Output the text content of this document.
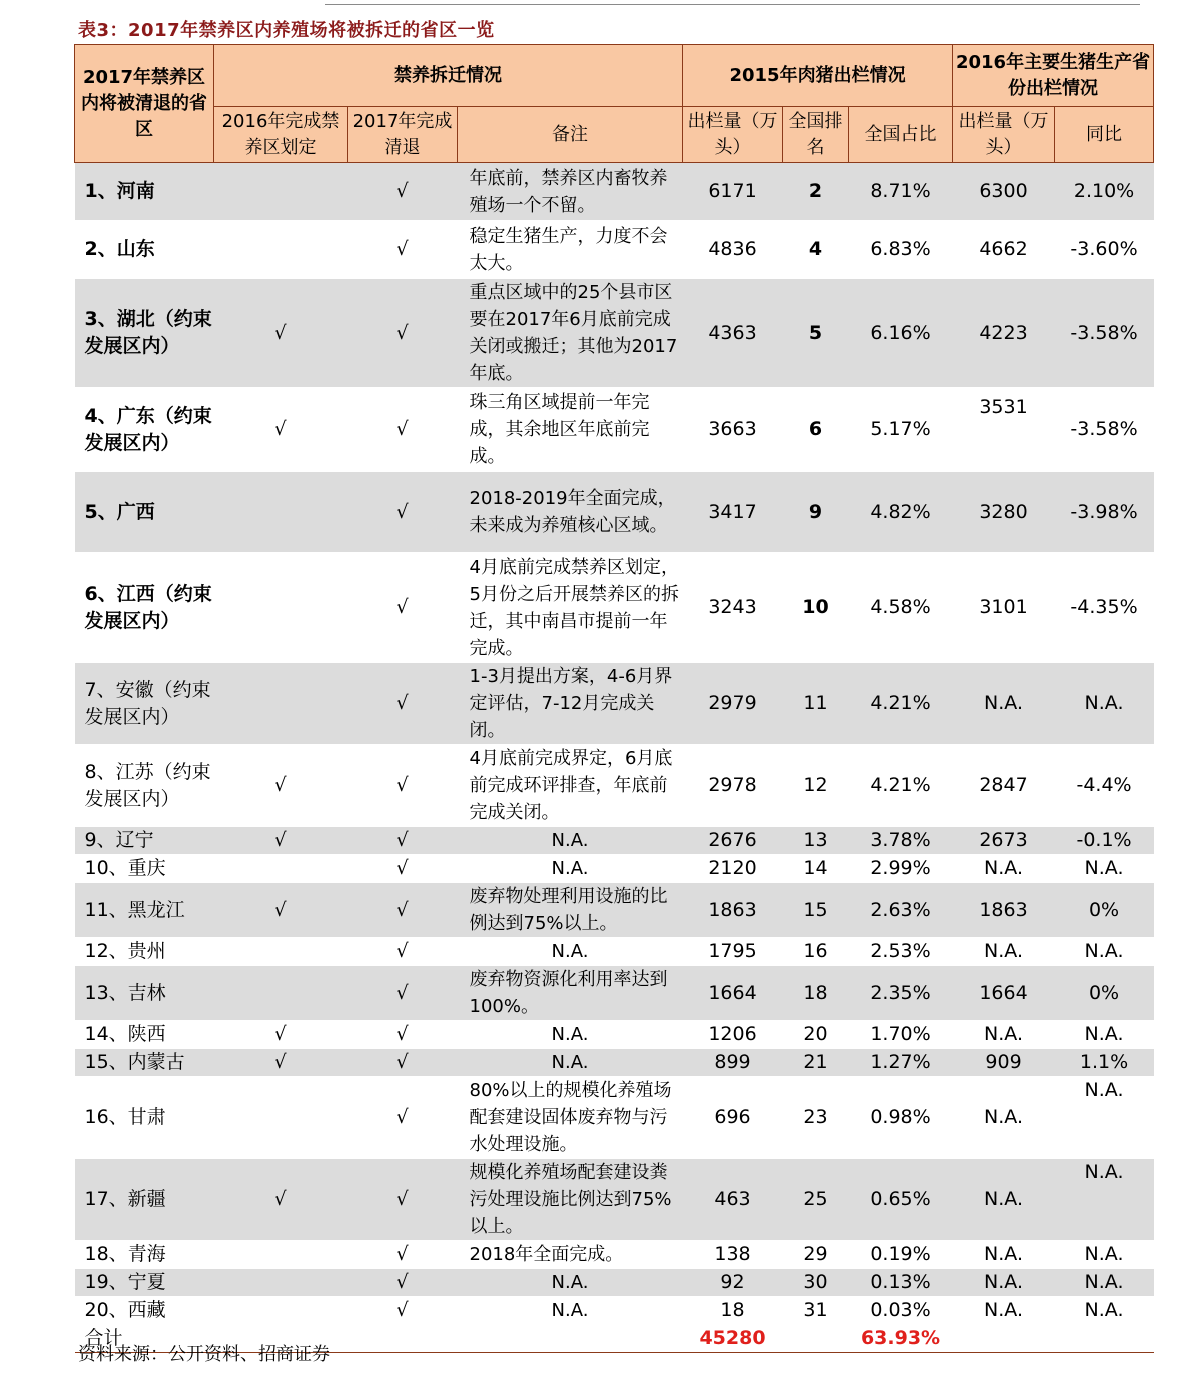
表3：2017年禁养区内养殖场将被拆迁的省区一览
2017年禁养区内将被清退的省区	禁养拆迁情况			2015年肉猪出栏情况			2016年主要生猪生产省份出栏情况	
	2016年完成禁养区划定	2017年完成清退	备注	出栏量（万头）	全国排名	全国占比	出栏量（万头）	同比
1、河南		√	年底前，禁养区内畜牧养殖场一个不留。	6171	2	8.71%	6300	2.10%
2、山东		√	稳定生猪生产，力度不会太大。	4836	4	6.83%	4662	-3.60%
3、湖北（约束发展区内）	√	√	重点区域中的25个县市区要在2017年6月底前完成关闭或搬迁；其他为2017年底。	4363	5	6.16%	4223	-3.58%
4、广东（约束发展区内）	√	√	珠三角区域提前一年完成，其余地区年底前完成。	3663	6	5.17%	3531	-3.58%
5、广西		√	2018-2019年全面完成，未来成为养殖核心区域。	3417	9	4.82%	3280	-3.98%
6、江西（约束发展区内）		√	4月底前完成禁养区划定，5月份之后开展禁养区的拆迁，其中南昌市提前一年完成。	3243	10	4.58%	3101	-4.35%
7、安徽（约束发展区内）		√	1-3月提出方案，4-6月界定评估，7-12月完成关闭。	2979	11	4.21%	N.A.	N.A.
8、江苏（约束发展区内）	√	√	4月底前完成界定，6月底前完成环评排查，年底前完成关闭。	2978	12	4.21%	2847	-4.4%
9、辽宁	√	√	N.A.	2676	13	3.78%	2673	-0.1%
10、重庆		√	N.A.	2120	14	2.99%	N.A.	N.A.
11、黑龙江	√	√	废弃物处理利用设施的比例达到75%以上。	1863	15	2.63%	1863	0%
12、贵州		√	N.A.	1795	16	2.53%	N.A.	N.A.
13、吉林		√	废弃物资源化利用率达到100%。	1664	18	2.35%	1664	0%
14、陕西	√	√	N.A.	1206	20	1.70%	N.A.	N.A.
15、内蒙古	√	√	N.A.	899	21	1.27%	909	1.1%
16、甘肃		√	80%以上的规模化养殖场配套建设固体废弃物与污水处理设施。	696	23	0.98%	N.A.	N.A.
17、新疆	√	√	规模化养殖场配套建设粪污处理设施比例达到75%以上。	463	25	0.65%	N.A.	N.A.
18、青海		√	2018年全面完成。	138	29	0.19%	N.A.	N.A.
19、宁夏		√	N.A.	92	30	0.13%	N.A.	N.A.
20、西藏		√	N.A.	18	31	0.03%	N.A.	N.A.
合计				45280		63.93%		
资料来源：公开资料、招商证券
